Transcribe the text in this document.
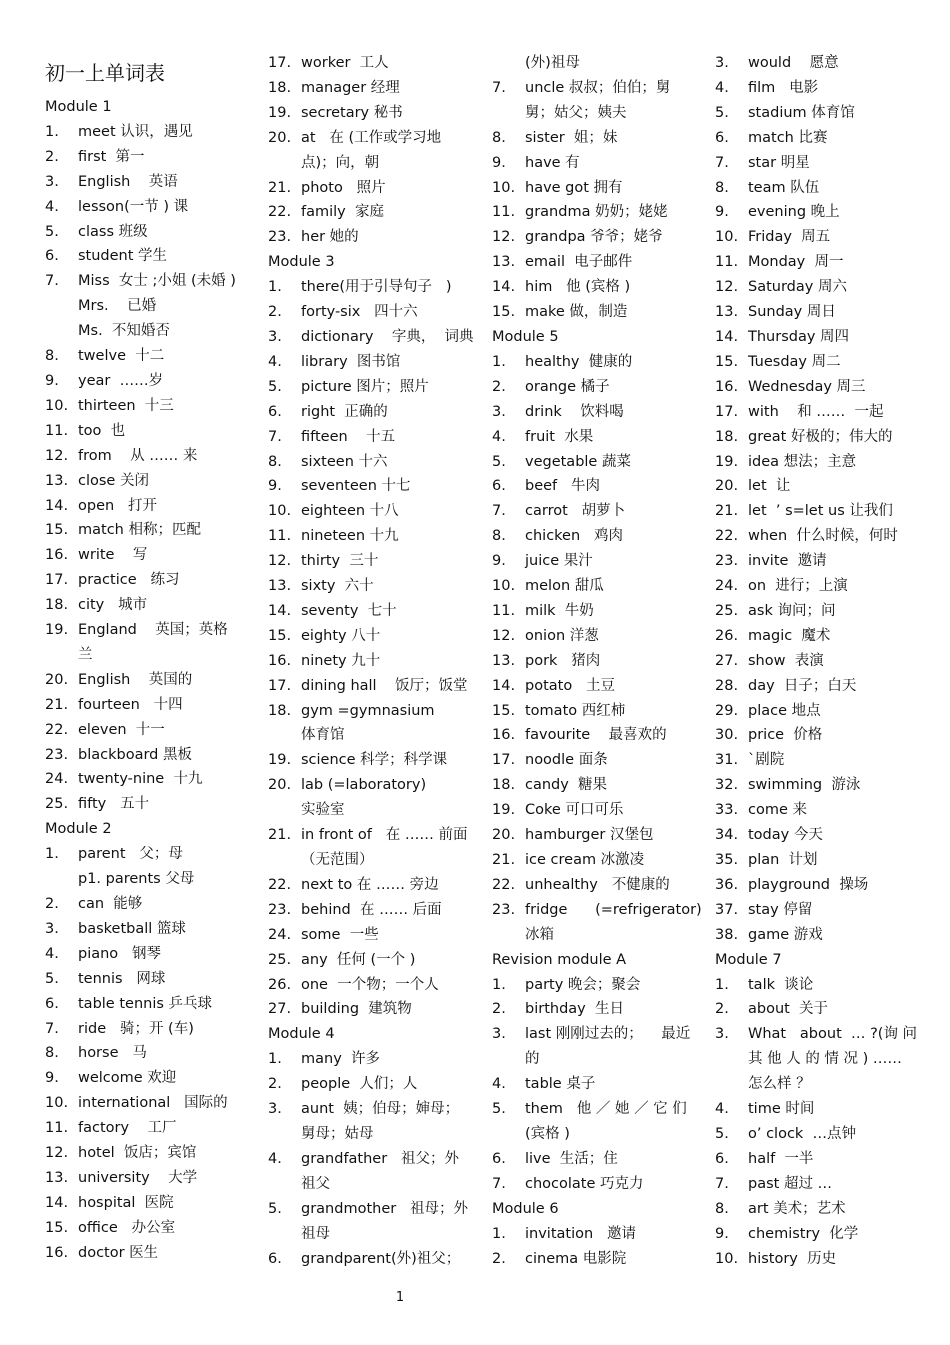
初一上单词表
Module 1
1.	meet 认识，遇见
2.	first  第一
3.	English    英语
4.	lesson(一节 ) 课
5.	class 班级
6.	student 学生
7.	Miss  女士 ;小姐 (未婚 )
Mrs.    已婚
Ms.  不知婚否
8.	twelve  十二
9.	year  ……岁
10. thirteen  十三
11. too  也
12. from    从 …… 来
13. close 关闭
14. open   打开
15. match 相称；匹配
16. write    写
17. practice   练习
18. city   城市
19. England    英国；英格
兰
20. English    英国的
21. fourteen   十四
22. eleven  十一
23. blackboard 黑板
24. twenty-nine  十九
25. fifty   五十
Module 2
1.	parent   父；母
p1. parents 父母
2.	can  能够
3.	basketball 篮球
4.	piano   钢琴
5.	tennis   网球
6.	table tennis 乒乓球
7.	ride   骑；开 (车)
8.	horse   马
9.	welcome 欢迎
10. international   国际的
11. factory    工厂
12. hotel  饭店；宾馆
13. university    大学
14. hospital  医院
15. office   办公室
16. doctor 医生
17. worker  工人
18. manager 经理
19. secretary 秘书
20. at   在 (工作或学习地
点)；向，朝
21. photo   照片
22. family  家庭
23. her 她的
Module 3
1.	there(用于引导句子   )
2.	forty-six   四十六
3.	dictionary    字典，  词典
4.	library  图书馆
5.	picture 图片；照片
6.	right  正确的
7.	fifteen    十五
8.	sixteen 十六
9.	seventeen 十七
10. eighteen 十八
11. nineteen 十九
12. thirty  三十
13. sixty  六十
14. seventy  七十
15. eighty 八十
16. ninety 九十
17. dining hall    饭厅；饭堂
18. gym =gymnasium
体育馆
19. science 科学；科学课
20. lab (=laboratory)
实验室
21. in front of   在 …… 前面
（无范围）
22. next to 在 …… 旁边
23. behind  在 …… 后面
24. some  一些
25. any  任何 (一个 )
26. one  一个物；一个人
27. building  建筑物
Module 4
1.	many  许多
2.	people  人们；人
3.	aunt  姨；伯母；婶母；
舅母；姑母
4.	grandfather   祖父；外
祖父
5.	grandmother   祖母；外
祖母
6.	grandparent(外)祖父；
(外)祖母
7.	uncle 叔叔；伯伯；舅
舅；姑父；姨夫
8.	sister  姐；妹
9.	have 有
10. have got 拥有
11. grandma 奶奶；姥姥
12. grandpa 爷爷；姥爷
13. email  电子邮件
14. him   他 (宾格 )
15. make 做，制造
Module 5
1.	healthy  健康的
2.	orange 橘子
3.	drink    饮料喝
4.	fruit  水果
5.	vegetable 蔬菜
6.	beef   牛肉
7.	carrot   胡萝卜
8.	chicken   鸡肉
9.	juice 果汁
10. melon 甜瓜
11. milk  牛奶
12. onion 洋葱
13. pork   猪肉
14. potato   土豆
15. tomato 西红柿
16. favourite    最喜欢的
17. noodle 面条
18. candy  糖果
19. Coke 可口可乐
20. hamburger 汉堡包
21. ice cream 冰激凌
22. unhealthy   不健康的
23. fridge      (=refrigerator)
冰箱
Revision module A
1.	party 晚会；聚会
2.	birthday  生日
3.	last 刚刚过去的；    最近
的
4.	table 桌子
5.	them   他 ／ 她 ／ 它 们
(宾格 )
6.	live  生活；住
7.	chocolate 巧克力
Module 6
1.	invitation   邀请
2.	cinema 电影院
3.	would    愿意
4.	film   电影
5.	stadium 体育馆
6.	match 比赛
7.	star 明星
8.	team 队伍
9.	evening 晚上
10. Friday  周五
11. Monday  周一
12. Saturday 周六
13. Sunday 周日
14. Thursday 周四
15. Tuesday 周二
16. Wednesday 周三
17. with    和 ……  一起
18. great 好极的；伟大的
19. idea 想法；主意
20. let  让
21. let  ’ s=let us 让我们
22. when  什么时候，何时
23. invite  邀请
24. on  进行；上演
25. ask 询问；问
26. magic  魔术
27. show  表演
28. day  日子；白天
29. place 地点
30. price  价格
31. `剧院
32. swimming  游泳
33. come 来
34. today 今天
35. plan  计划
36. playground  操场
37. stay 停留
38. game 游戏
Module 7
1.	talk  谈论
2.	about  关于
3.	What   about  … ?(询 问
其 他 人 的 情 况 ) ……
怎么样 ？
4.	time 时间
5.	o’ clock  …点钟
6.	half  一半
7.	past 超过 …
8.	art 美术；艺术
9.	chemistry  化学
10. history  历史
1
